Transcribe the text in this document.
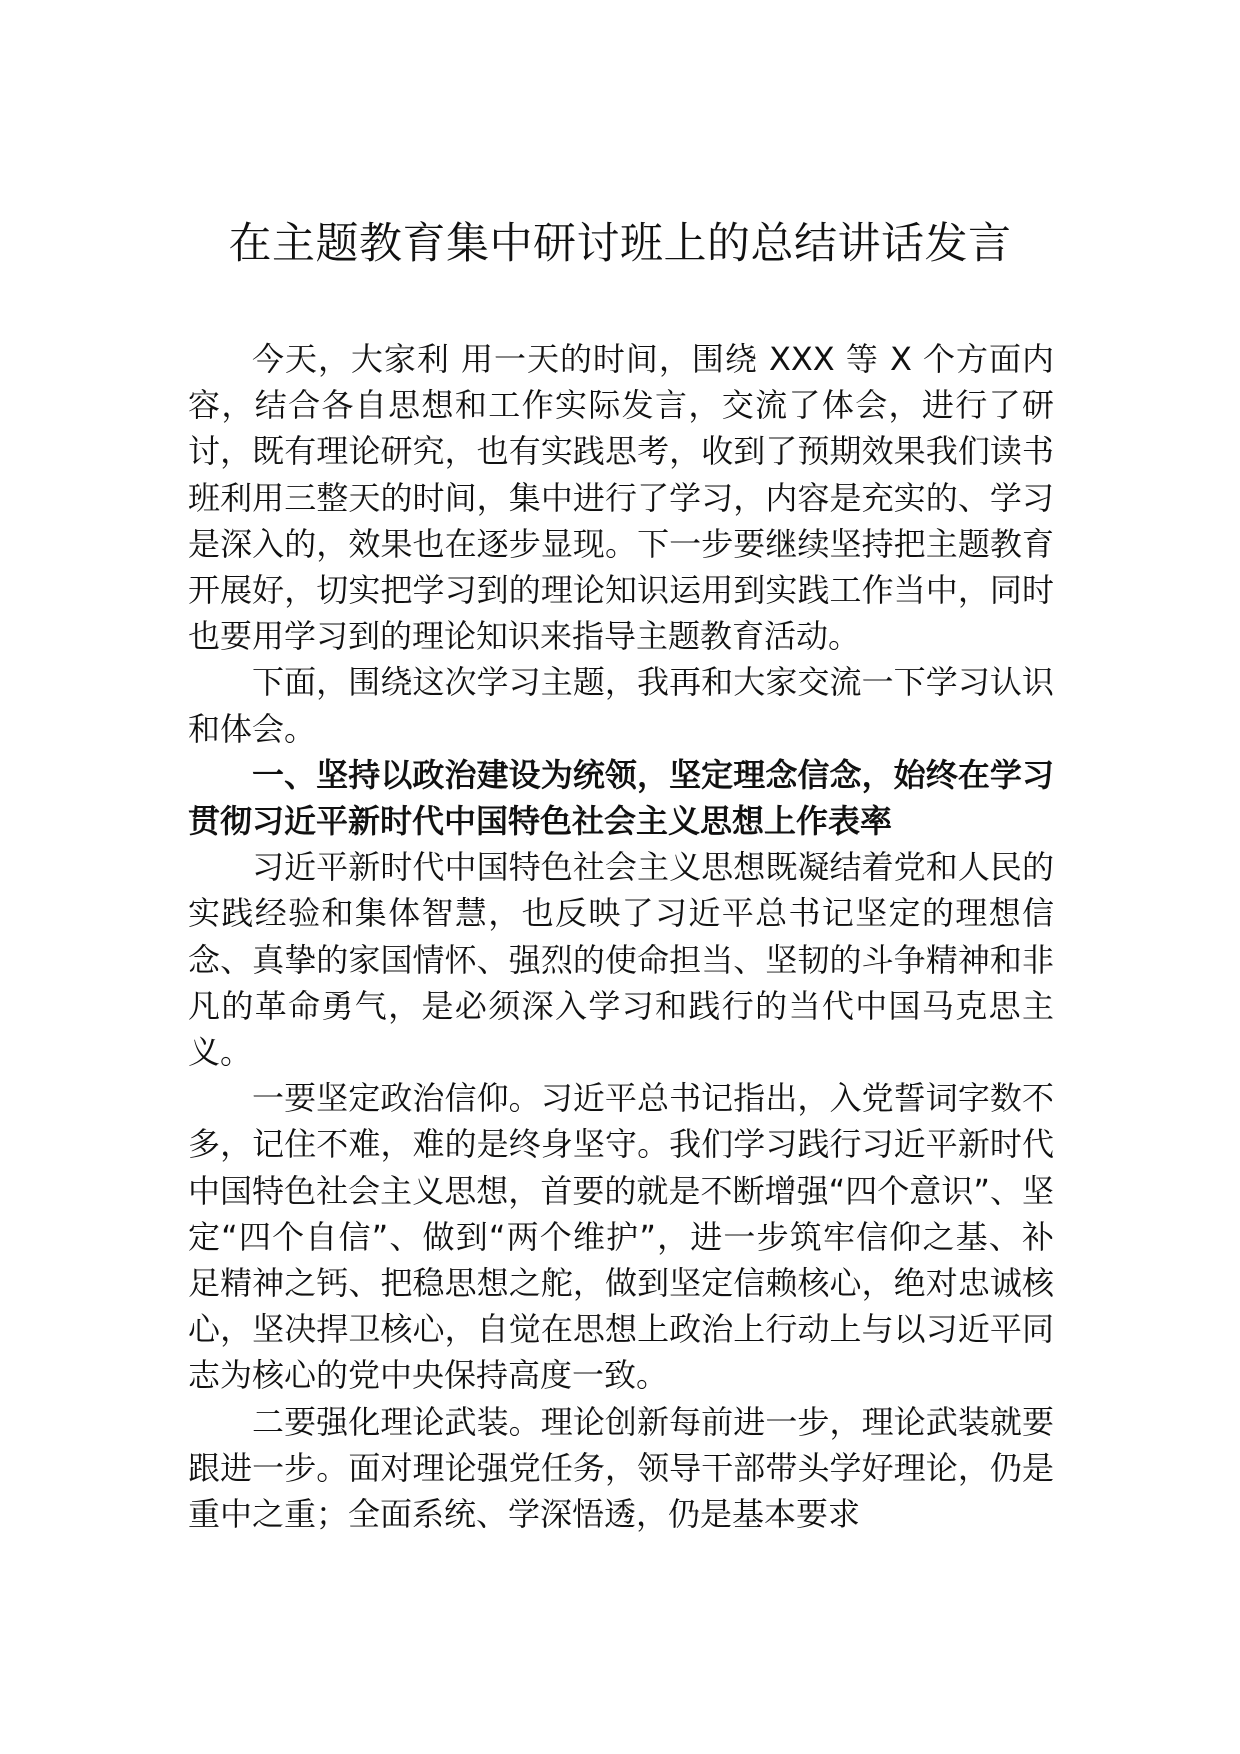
在主题教育集中研讨班上的总结讲话发言

今天，大家利 用一天的时间，围绕 XXX 等 X 个方面内容，结合各自思想和工作实际发言，交流了体会，进行了研讨，既有理论研究，也有实践思考，收到了预期效果我们读书班利用三整天的时间，集中进行了学习，内容是充实的、学习是深入的，效果也在逐步显现。下一步要继续坚持把主题教育开展好，切实把学习到的理论知识运用到实践工作当中，同时也要用学习到的理论知识来指导主题教育活动。

下面，围绕这次学习主题，我再和大家交流一下学习认识和体会。

一、坚持以政治建设为统领，坚定理念信念，始终在学习贯彻习近平新时代中国特色社会主义思想上作表率

习近平新时代中国特色社会主义思想既凝结着党和人民的实践经验和集体智慧，也反映了习近平总书记坚定的理想信念、真挚的家国情怀、强烈的使命担当、坚韧的斗争精神和非凡的革命勇气，是必须深入学习和践行的当代中国马克思主义。

一要坚定政治信仰。习近平总书记指出，入党誓词字数不多，记住不难，难的是终身坚守。我们学习践行习近平新时代中国特色社会主义思想，首要的就是不断增强“四个意识”、坚定“四个自信”、做到“两个维护”，进一步筑牢信仰之基、补足精神之钙、把稳思想之舵，做到坚定信赖核心，绝对忠诚核心，坚决捍卫核心，自觉在思想上政治上行动上与以习近平同志为核心的党中央保持高度一致。

二要强化理论武装。理论创新每前进一步，理论武装就要跟进一步。面对理论强党任务，领导干部带头学好理论，仍是重中之重；全面系统、学深悟透，仍是基本要求
